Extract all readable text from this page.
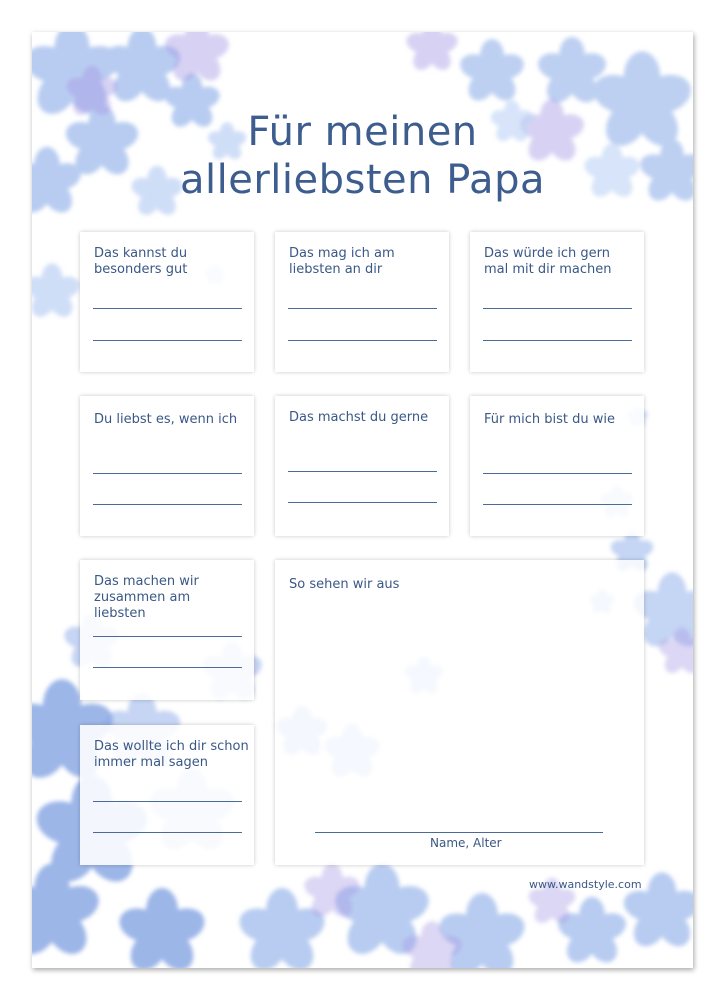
Für meinen
allerliebsten Papa
Das kannst du besonders gut
Das mag ich am liebsten an dir
Das würde ich gern mal mit dir machen
Du liebst es, wenn ich	Das machst du gerne	Für mich bist du wie
Das machen wir zusammen am liebsten
Das wollte ich dir schon immer mal sagen
So sehen wir aus
Name, Alter
www.wandstyle.com
